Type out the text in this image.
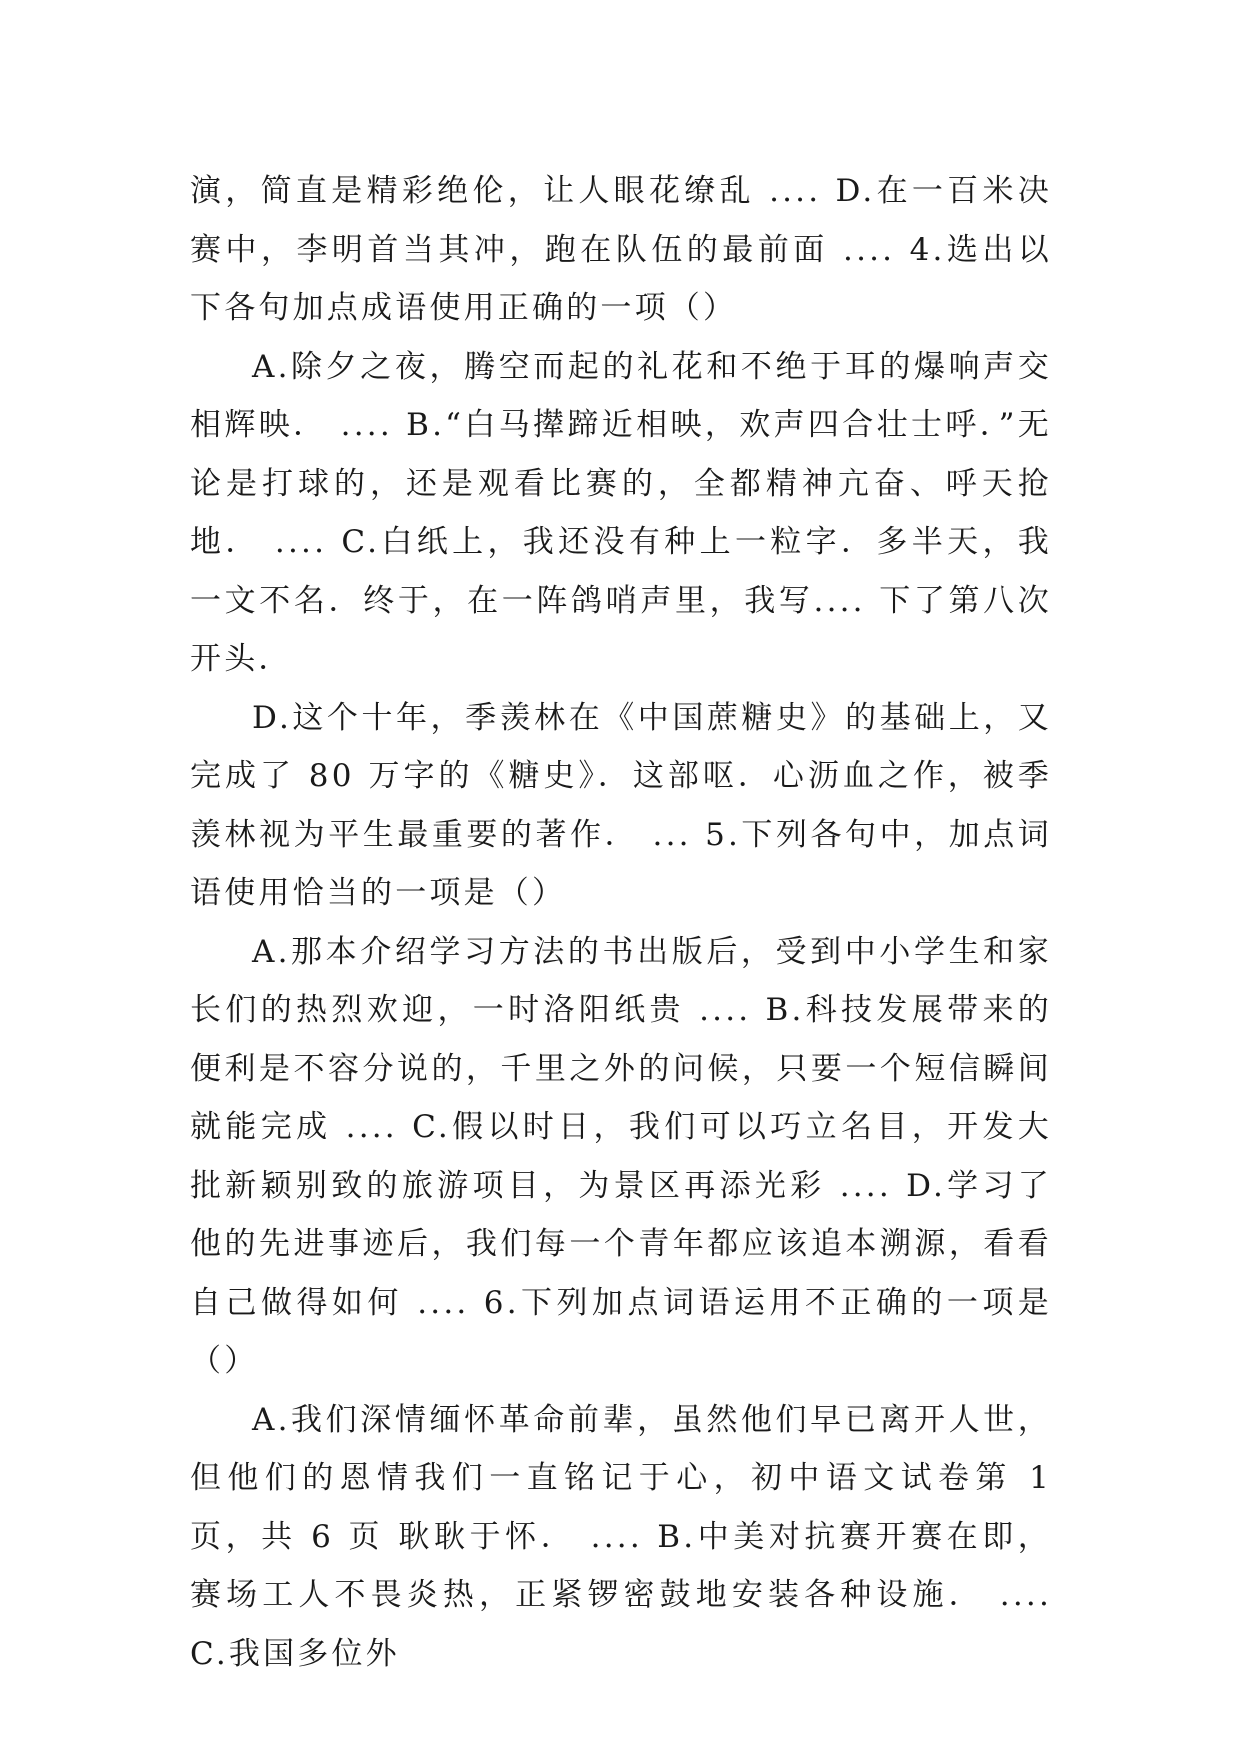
演，简直是精彩绝伦，让人眼花缭乱 .... D.在一百米决赛中，李明首当其冲，跑在队伍的最前面 .... 4.选出以下各句加点成语使用正确的一项（）

A.除夕之夜，腾空而起的礼花和不绝于耳的爆响声交相辉映． .... B.“白马撵蹄近相映，欢声四合壮士呼．”无论是打球的，还是观看比赛的，全都精神亢奋、呼天抢地． .... C.白纸上，我还没有种上一粒字．多半天，我一文不名．终于，在一阵鸽哨声里，我写.... 下了第八次开头．

D.这个十年，季羡林在《中国蔗糖史》的基础上，又完成了 80 万字的《糖史》．这部呕．心沥血之作，被季羡林视为平生最重要的著作． ... 5.下列各句中，加点词语使用恰当的一项是（）

A.那本介绍学习方法的书出版后，受到中小学生和家长们的热烈欢迎，一时洛阳纸贵 .... B.科技发展带来的便利是不容分说的，千里之外的问候，只要一个短信瞬间就能完成 .... C.假以时日，我们可以巧立名目，开发大批新颖别致的旅游项目，为景区再添光彩 .... D.学习了他的先进事迹后，我们每一个青年都应该追本溯源，看看自己做得如何 .... 6.下列加点词语运用不正确的一项是（）

A.我们深情缅怀革命前辈，虽然他们早已离开人世，但他们的恩情我们一直铭记于心，初中语文试卷第 1 页，共 6 页 耿耿于怀． .... B.中美对抗赛开赛在即，赛场工人不畏炎热，正紧锣密鼓地安装各种设施． .... C.我国多位外
